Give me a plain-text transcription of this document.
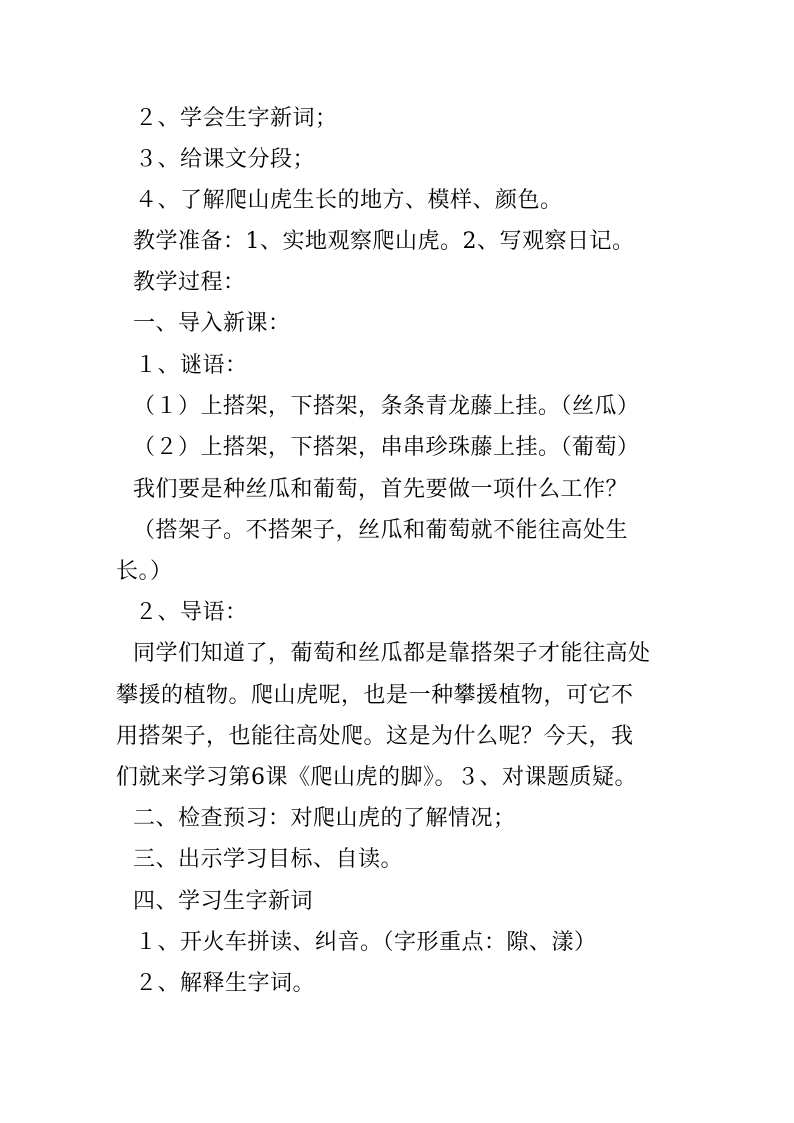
２、学会生字新词；
３、给课文分段；
４、了解爬山虎生长的地方、模样、颜色。
教学准备：1、实地观察爬山虎。2、写观察日记。
教学过程：
一、导入新课：
１、谜语：
（１）上搭架，下搭架，条条青龙藤上挂。（丝瓜）
（２）上搭架，下搭架，串串珍珠藤上挂。（葡萄）
我们要是种丝瓜和葡萄，首先要做一项什么工作？
（搭架子。不搭架子，丝瓜和葡萄就不能往高处生
长。）
２、导语：
同学们知道了，葡萄和丝瓜都是靠搭架子才能往高处
攀援的植物。爬山虎呢，也是一种攀援植物，可它不
用搭架子，也能往高处爬。这是为什么呢？今天，我
们就来学习第6课《爬山虎的脚》。３、对课题质疑。
二、检查预习：对爬山虎的了解情况；
三、出示学习目标、自读。
四、学习生字新词
１、开火车拼读、纠音。（字形重点：隙、漾）
２、解释生字词。
